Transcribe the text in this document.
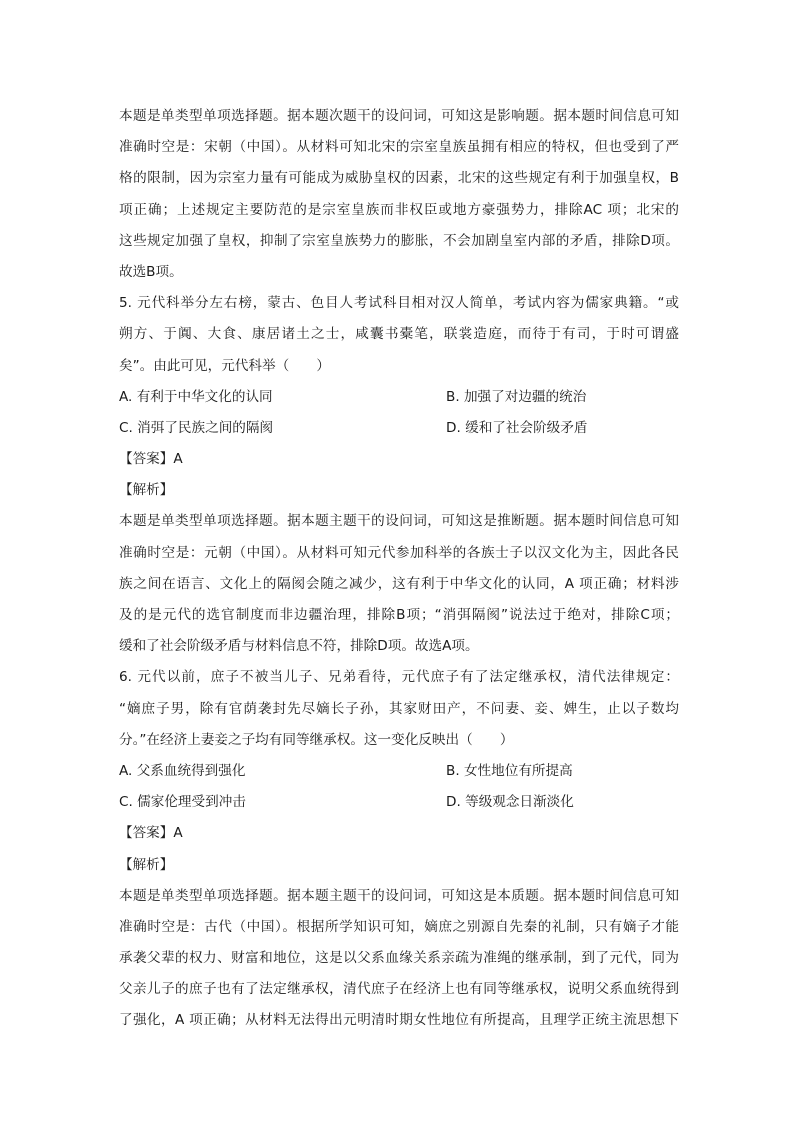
本题是单类型单项选择题。据本题次题干的设问词，可知这是影响题。据本题时间信息可知
准确时空是：宋朝（中国）。从材料可知北宋的宗室皇族虽拥有相应的特权，但也受到了严
格的限制，因为宗室力量有可能成为威胁皇权的因素，北宋的这些规定有利于加强皇权，B
项正确；上述规定主要防范的是宗室皇族而非权臣或地方豪强势力，排除AC 项；北宋的
这些规定加强了皇权，抑制了宗室皇族势力的膨胀，不会加剧皇室内部的矛盾，排除D项。
故选B项。
5. 元代科举分左右榜，蒙古、色目人考试科目相对汉人简单，考试内容为儒家典籍。“或
朔方、于阗、大食、康居诸土之士，咸囊书橐笔，联裳造庭，而待于有司，于时可谓盛
矣”。由此可见，元代科举（　　）
A. 有利于中华文化的认同	B. 加强了对边疆的统治
C. 消弭了民族之间的隔阂	D. 缓和了社会阶级矛盾
【答案】A
【解析】
本题是单类型单项选择题。据本题主题干的设问词，可知这是推断题。据本题时间信息可知
准确时空是：元朝（中国）。从材料可知元代参加科举的各族士子以汉文化为主，因此各民
族之间在语言、文化上的隔阂会随之减少，这有利于中华文化的认同，A 项正确；材料涉
及的是元代的选官制度而非边疆治理，排除B项；“消弭隔阂”说法过于绝对，排除C项；
缓和了社会阶级矛盾与材料信息不符，排除D项。故选A项。
6. 元代以前，庶子不被当儿子、兄弟看待，元代庶子有了法定继承权，清代法律规定：
“嫡庶子男，除有官荫袭封先尽嫡长子孙，其家财田产，不问妻、妾、婢生，止以子数均
分。”在经济上妻妾之子均有同等继承权。这一变化反映出（　　）
A. 父系血统得到强化	B. 女性地位有所提高
C. 儒家伦理受到冲击	D. 等级观念日渐淡化
【答案】A
【解析】
本题是单类型单项选择题。据本题主题干的设问词，可知这是本质题。据本题时间信息可知
准确时空是：古代（中国）。根据所学知识可知，嫡庶之别源自先秦的礼制，只有嫡子才能
承袭父辈的权力、财富和地位，这是以父系血缘关系亲疏为准绳的继承制，到了元代，同为
父亲儿子的庶子也有了法定继承权，清代庶子在经济上也有同等继承权，说明父系血统得到
了强化，A 项正确；从材料无法得出元明清时期女性地位有所提高，且理学正统主流思想下
